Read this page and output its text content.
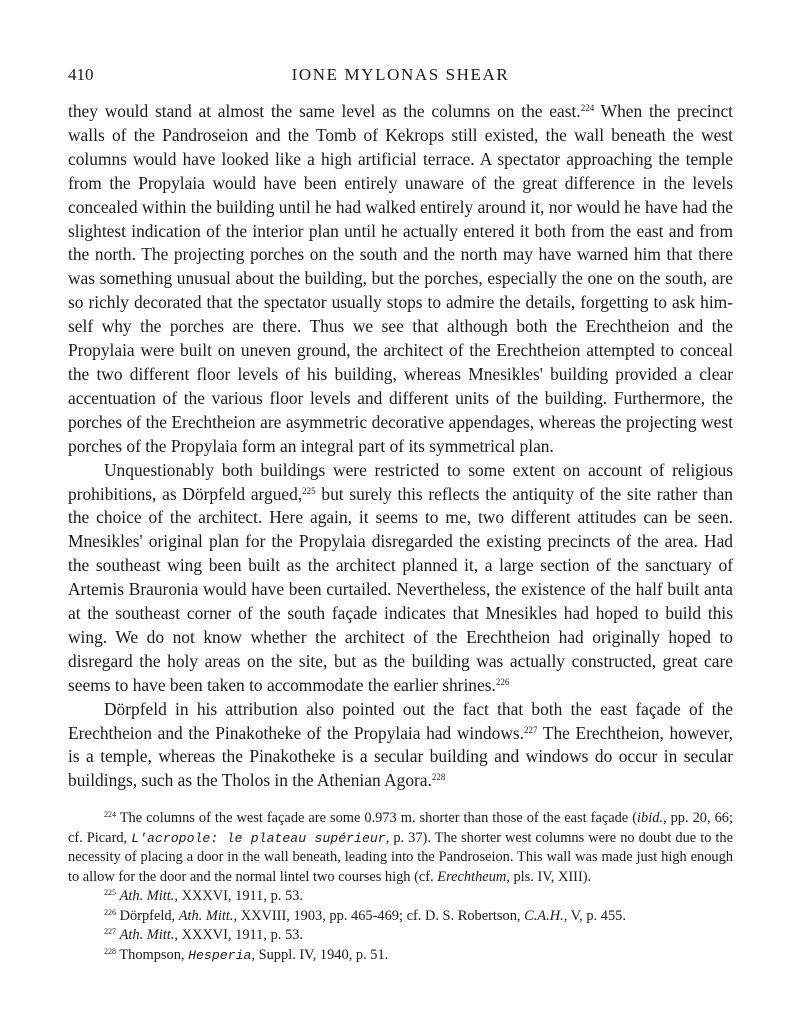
410	IONE MYLONAS SHEAR

they would stand at almost the same level as the columns on the east.$^{224}$ When the precinct walls of the Pandroseion and the Tomb of Kekrops still existed, the wall beneath the west columns would have looked like a high artificial terrace. A spectator approaching the temple from the Propylaia would have been entirely unaware of the great difference in the levels concealed within the building until he had walked entirely around it, nor would he have had the slightest indication of the interior plan until he actually entered it both from the east and from the north. The projecting porches on the south and the north may have warned him that there was something unusual about the building, but the porches, especially the one on the south, are so richly decorated that the spectator usually stops to admire the details, forgetting to ask himself why the porches are there. Thus we see that although both the Erechtheion and the Propylaia were built on uneven ground, the architect of the Erechtheion attempted to conceal the two different floor levels of his building, whereas Mnesikles' building provided a clear accentuation of the various floor levels and different units of the building. Furthermore, the porches of the Erechtheion are asymmetric decorative appendages, whereas the projecting west porches of the Propylaia form an integral part of its symmetrical plan.

Unquestionably both buildings were restricted to some extent on account of religious prohibitions, as Dörpfeld argued,$^{225}$ but surely this reflects the antiquity of the site rather than the choice of the architect. Here again, it seems to me, two different attitudes can be seen. Mnesikles' original plan for the Propylaia disregarded the existing precincts of the area. Had the southeast wing been built as the architect planned it, a large section of the sanctuary of Artemis Brauronia would have been curtailed. Nevertheless, the existence of the half built anta at the southeast corner of the south façade indicates that Mnesikles had hoped to build this wing. We do not know whether the architect of the Erechtheion had originally hoped to disregard the holy areas on the site, but as the building was actually constructed, great care seems to have been taken to accommodate the earlier shrines.$^{226}$

Dörpfeld in his attribution also pointed out the fact that both the east façade of the Erechtheion and the Pinakotheke of the Propylaia had windows.$^{227}$ The Erechtheion, however, is a temple, whereas the Pinakotheke is a secular building and windows do occur in secular buildings, such as the Tholos in the Athenian Agora.$^{228}$

$^{224}$ The columns of the west façade are some 0.973 m. shorter than those of the east façade (ibid., pp. 20, 66; cf. Picard, L'acropole: le plateau supérieur, p. 37). The shorter west columns were no doubt due to the necessity of placing a door in the wall beneath, leading into the Pandroseion. This wall was made just high enough to allow for the door and the normal lintel two courses high (cf. Erechtheum, pls. IV, XIII).

$^{225}$ Ath. Mitt., XXXVI, 1911, p. 53.

$^{226}$ Dörpfeld, Ath. Mitt., XXVIII, 1903, pp. 465-469; cf. D. S. Robertson, C.A.H., V, p. 455.

$^{227}$ Ath. Mitt., XXXVI, 1911, p. 53.

$^{228}$ Thompson, Hesperia, Suppl. IV, 1940, p. 51.
